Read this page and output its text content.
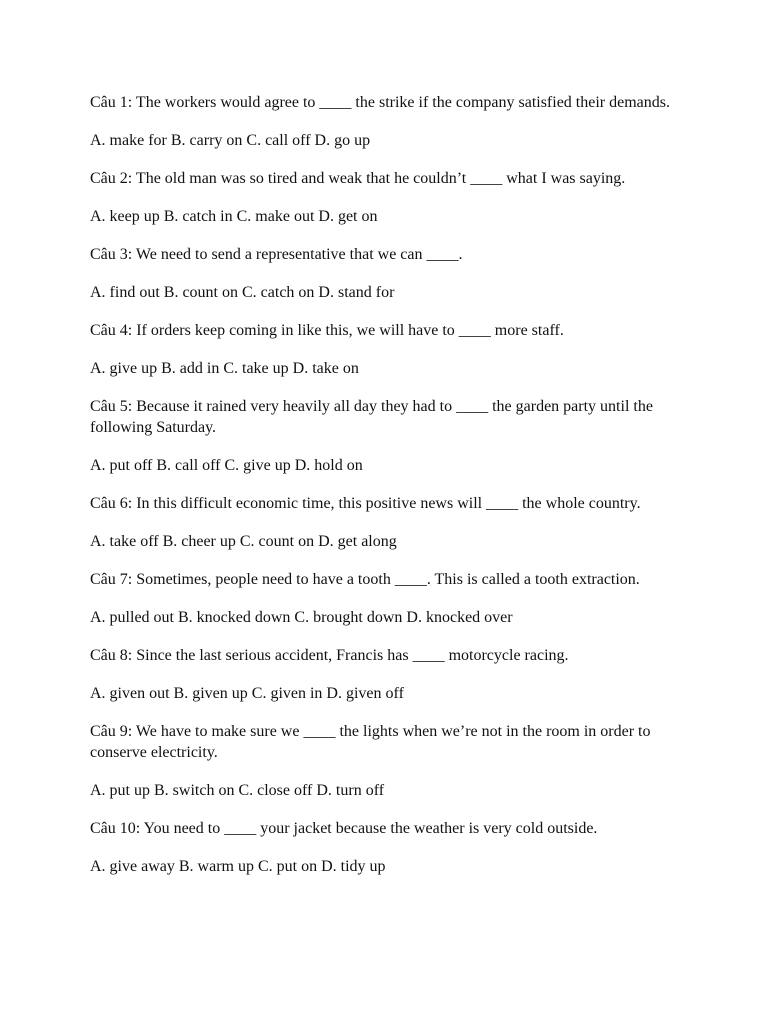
Câu 1: The workers would agree to ____ the strike if the company satisfied their demands.

A. make for B. carry on C. call off D. go up

Câu 2: The old man was so tired and weak that he couldn’t ____ what I was saying.

A. keep up B. catch in C. make out D. get on

Câu 3: We need to send a representative that we can ____.

A. find out B. count on C. catch on D. stand for

Câu 4: If orders keep coming in like this, we will have to ____ more staff.

A. give up B. add in C. take up D. take on

Câu 5: Because it rained very heavily all day they had to ____ the garden party until the following Saturday.

A. put off B. call off C. give up D. hold on

Câu 6: In this difficult economic time, this positive news will ____ the whole country.

A. take off B. cheer up C. count on D. get along

Câu 7: Sometimes, people need to have a tooth ____. This is called a tooth extraction.

A. pulled out B. knocked down C. brought down D. knocked over

Câu 8: Since the last serious accident, Francis has ____ motorcycle racing.

A. given out B. given up C. given in D. given off

Câu 9: We have to make sure we ____ the lights when we’re not in the room in order to conserve electricity.

A. put up B. switch on C. close off D. turn off

Câu 10: You need to ____ your jacket because the weather is very cold outside.

A. give away B. warm up C. put on D. tidy up
